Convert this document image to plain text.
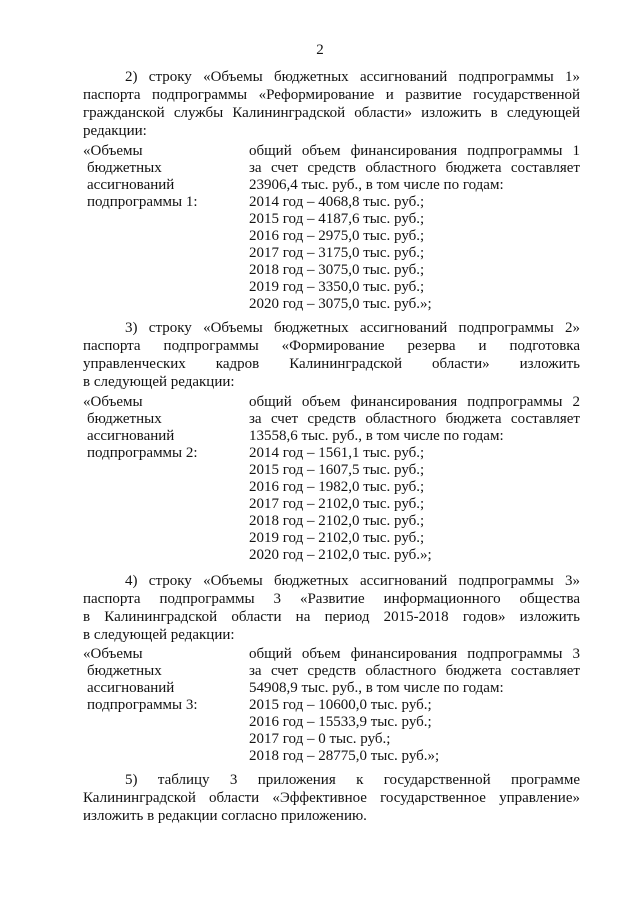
2
2) строку «Объемы бюджетных ассигнований подпрограммы 1»
паспорта подпрограммы «Реформирование и развитие государственной
гражданской службы Калининградской области» изложить в следующей
редакции:
«Объемы
бюджетных
ассигнований
подпрограммы 1:
общий объем финансирования подпрограммы 1
за счет средств областного бюджета составляет
23906,4 тыс. руб., в том числе по годам:
2014 год – 4068,8 тыс. руб.;
2015 год – 4187,6 тыс. руб.;
2016 год – 2975,0 тыс. руб.;
2017 год – 3175,0 тыс. руб.;
2018 год – 3075,0 тыс. руб.;
2019 год – 3350,0 тыс. руб.;
2020 год – 3075,0 тыс. руб.»;
3) строку «Объемы бюджетных ассигнований подпрограммы 2»
паспорта подпрограммы «Формирование резерва и подготовка
управленческих кадров Калининградской области» изложить
в следующей редакции:
«Объемы
бюджетных
ассигнований
подпрограммы 2:
общий объем финансирования подпрограммы 2
за счет средств областного бюджета составляет
13558,6 тыс. руб., в том числе по годам:
2014 год – 1561,1 тыс. руб.;
2015 год – 1607,5 тыс. руб.;
2016 год – 1982,0 тыс. руб.;
2017 год – 2102,0 тыс. руб.;
2018 год – 2102,0 тыс. руб.;
2019 год – 2102,0 тыс. руб.;
2020 год – 2102,0 тыс. руб.»;
4) строку «Объемы бюджетных ассигнований подпрограммы 3»
паспорта подпрограммы 3 «Развитие информационного общества
в Калининградской области на период 2015-2018 годов» изложить
в следующей редакции:
«Объемы
бюджетных
ассигнований
подпрограммы 3:
общий объем финансирования подпрограммы 3
за счет средств областного бюджета составляет
54908,9 тыс. руб., в том числе по годам:
2015 год – 10600,0 тыс. руб.;
2016 год – 15533,9 тыс. руб.;
2017 год – 0 тыс. руб.;
2018 год – 28775,0 тыс. руб.»;
5) таблицу 3 приложения к государственной программе
Калининградской области «Эффективное государственное управление»
изложить в редакции согласно приложению.
